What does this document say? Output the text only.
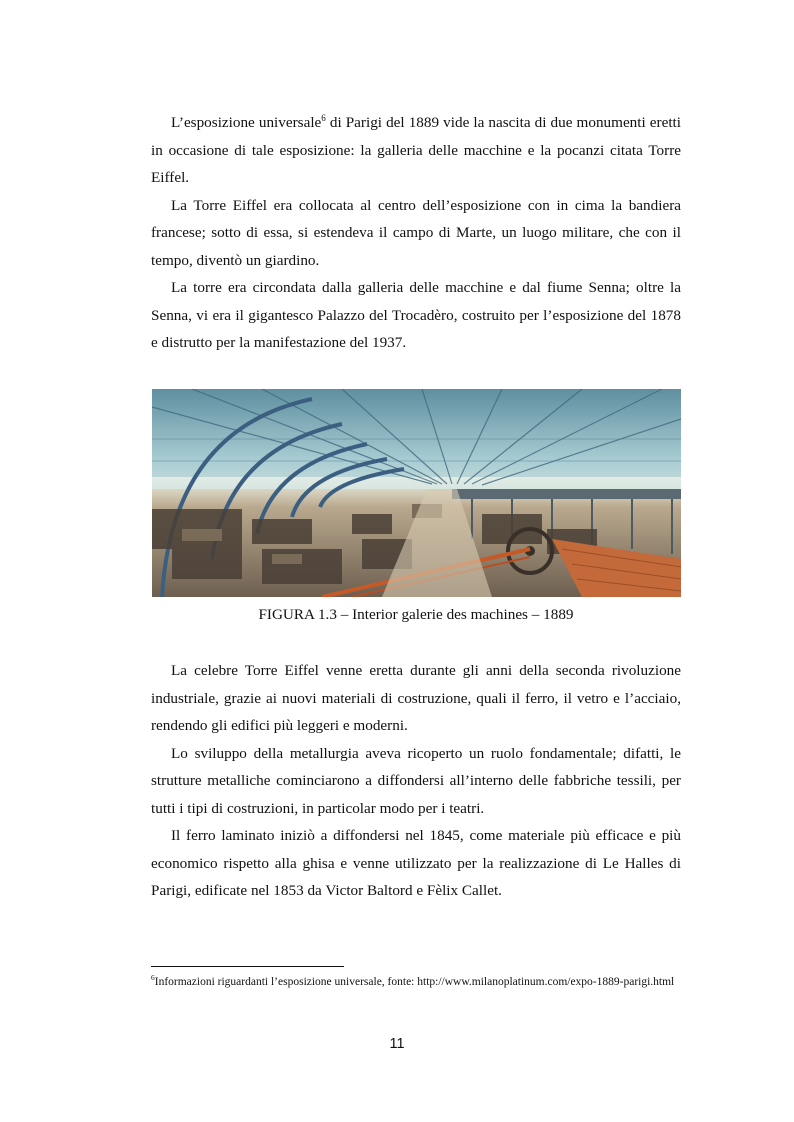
L’esposizione universale$^6$ di Parigi del 1889 vide la nascita di due monumenti eretti in occasione di tale esposizione: la galleria delle macchine e la pocanzi citata Torre Eiffel.

La Torre Eiffel era collocata al centro dell’esposizione con in cima la bandiera francese; sotto di essa, si estendeva il campo di Marte, un luogo militare, che con il tempo, diventò un giardino.

La torre era circondata dalla galleria delle macchine e dal fiume Senna; oltre la Senna, vi era il gigantesco Palazzo del Trocadèro, costruito per l’esposizione del 1878 e distrutto per la manifestazione del 1937.

FIGURA 1.3 – Interior galerie des machines – 1889

La celebre Torre Eiffel venne eretta durante gli anni della seconda rivoluzione industriale, grazie ai nuovi materiali di costruzione, quali il ferro, il vetro e l’acciaio, rendendo gli edifici più leggeri e moderni.

Lo sviluppo della metallurgia aveva ricoperto un ruolo fondamentale; difatti, le strutture metalliche cominciarono a diffondersi all’interno delle fabbriche tessili, per tutti i tipi di costruzioni, in particolar modo per i teatri.

Il ferro laminato iniziò a diffondersi nel 1845, come materiale più efficace e più economico rispetto alla ghisa e venne utilizzato per la realizzazione di Le Halles di Parigi, edificate nel 1853 da Victor Baltord e Fèlix Callet.

$^6$Informazioni riguardanti l’esposizione universale, fonte: http://www.milanoplatinum.com/expo-1889-parigi.html
11
